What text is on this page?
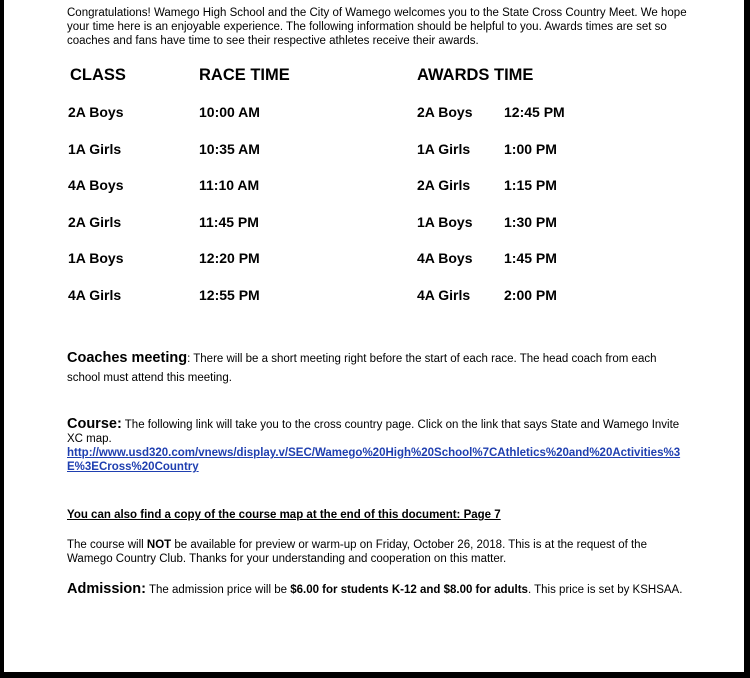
Congratulations! Wamego High School and the City of Wamego welcomes you to the State Cross Country Meet. We hope your time here is an enjoyable experience. The following information should be helpful to you. Awards times are set so coaches and fans have time to see their respective athletes receive their awards.
CLASS	RACE TIME	AWARDS TIME
2A Boys	10:00 AM	2A Boys 12:45 PM
1A Girls	10:35 AM	1A Girls 1:00 PM
4A Boys	11:10 AM	2A Girls 1:15 PM
2A Girls	11:45 PM	1A Boys 1:30 PM
1A Boys	12:20 PM	4A Boys 1:45 PM
4A Girls	12:55 PM	4A Girls 2:00 PM
Coaches meeting: There will be a short meeting right before the start of each race. The head coach from each school must attend this meeting.
Course: The following link will take you to the cross country page. Click on the link that says State and Wamego Invite XC map.
http://www.usd320.com/vnews/display.v/SEC/Wamego%20High%20School%7CAthletics%20and%20Activities%3E%3ECross%20Country
You can also find a copy of the course map at the end of this document: Page 7
The course will NOT be available for preview or warm-up on Friday, October 26, 2018. This is at the request of the Wamego Country Club. Thanks for your understanding and cooperation on this matter.
Admission: The admission price will be $6.00 for students K-12 and $8.00 for adults. This price is set by KSHSAA.
